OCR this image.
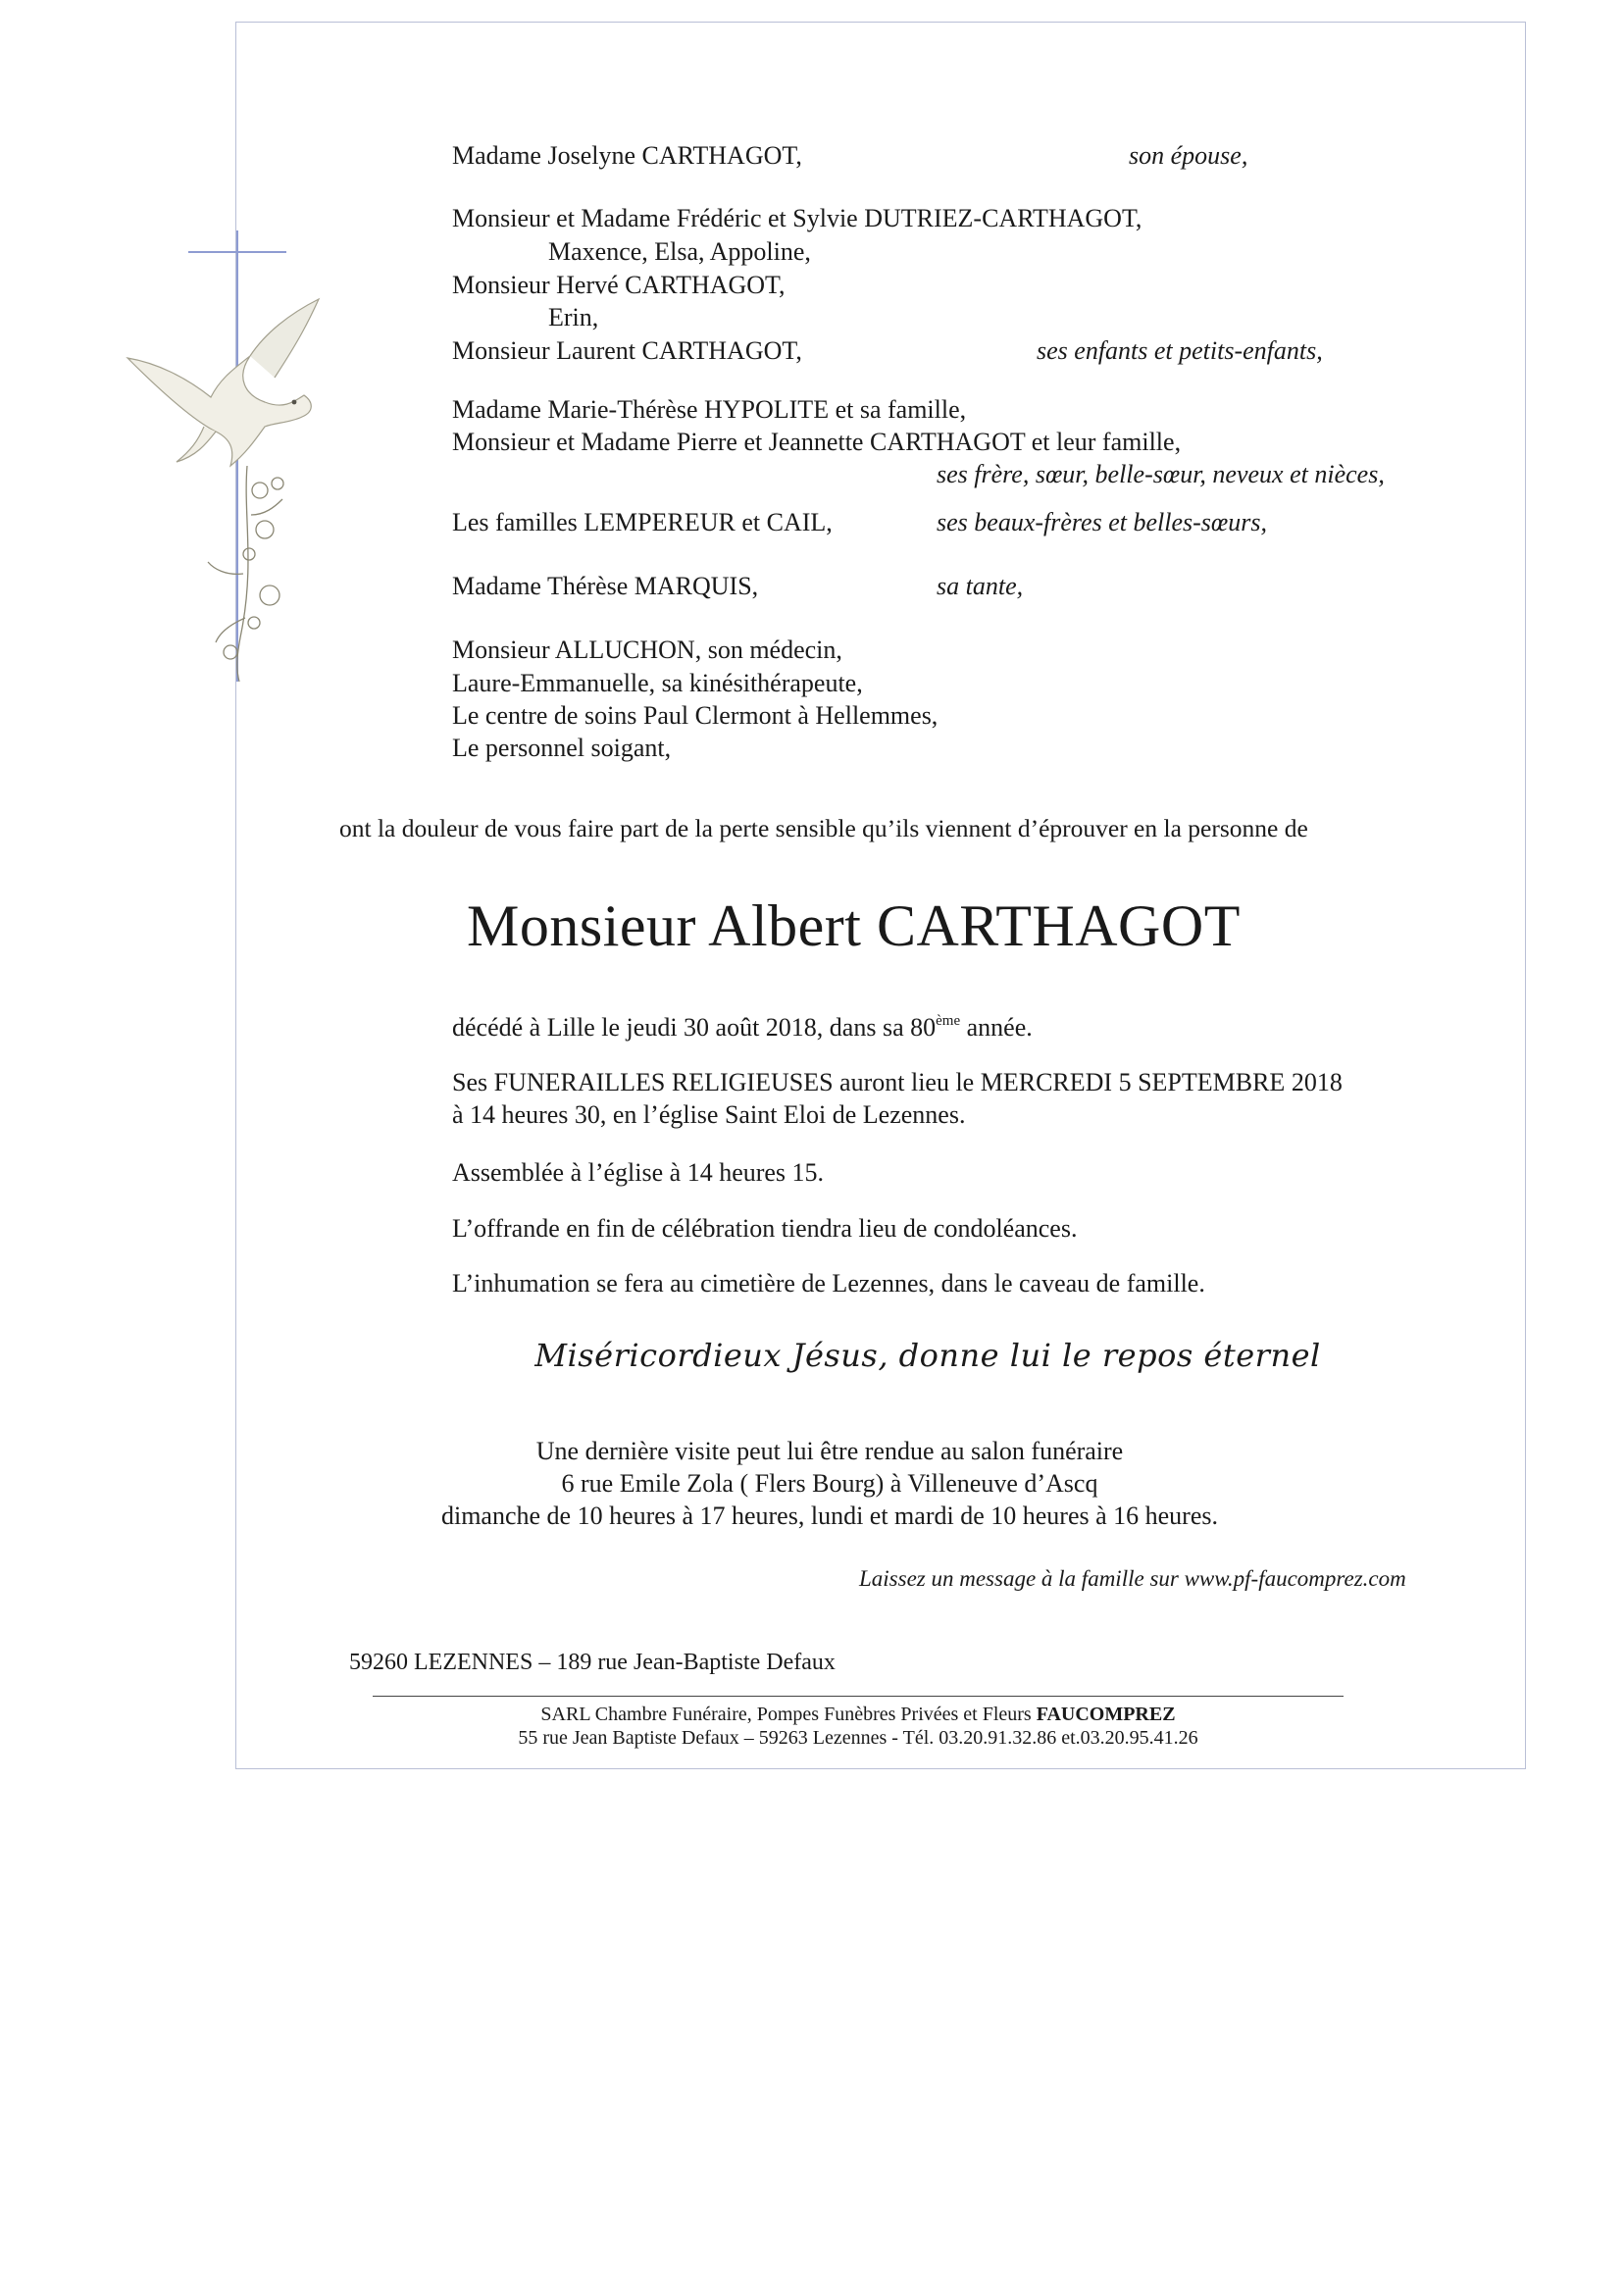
Madame Joselyne CARTHAGOT,	son épouse,
Monsieur et Madame Frédéric et Sylvie DUTRIEZ-CARTHAGOT,
Maxence, Elsa, Appoline,
Monsieur Hervé CARTHAGOT,
Erin,
Monsieur Laurent CARTHAGOT,	ses enfants et petits-enfants,
Madame Marie-Thérèse HYPOLITE et sa famille,
Monsieur et Madame Pierre et Jeannette CARTHAGOT et leur famille,
ses frère, sœur, belle-sœur, neveux et nièces,
Les familles LEMPEREUR et CAIL,	ses beaux-frères et belles-sœurs,
Madame Thérèse MARQUIS,	sa tante,
Monsieur ALLUCHON, son médecin,
Laure-Emmanuelle, sa kinésithérapeute,
Le centre de soins Paul Clermont à Hellemmes,
Le personnel soigant,
ont la douleur de vous faire part de la perte sensible qu’ils viennent d’éprouver en la personne de
Monsieur Albert CARTHAGOT
décédé à Lille le jeudi 30 août 2018, dans sa 80ème année.
Ses FUNERAILLES RELIGIEUSES auront lieu le MERCREDI 5 SEPTEMBRE 2018
à 14 heures 30, en l’église Saint Eloi de Lezennes.
Assemblée à l’église à 14 heures 15.
L’offrande en fin de célébration tiendra lieu de condoléances.
L’inhumation se fera au cimetière de Lezennes, dans le caveau de famille.
Miséricordieux Jésus, donne lui le repos éternel
Une dernière visite peut lui être rendue au salon funéraire
6 rue Emile Zola ( Flers Bourg) à Villeneuve d’Ascq
dimanche de 10 heures à 17 heures, lundi et mardi de 10 heures à 16 heures.
Laissez un message à la famille sur www.pf-faucomprez.com
59260 LEZENNES – 189 rue Jean-Baptiste Defaux
SARL Chambre Funéraire, Pompes Funèbres Privées et Fleurs FAUCOMPREZ
55 rue Jean Baptiste Defaux – 59263 Lezennes - Tél. 03.20.91.32.86 et.03.20.95.41.26
